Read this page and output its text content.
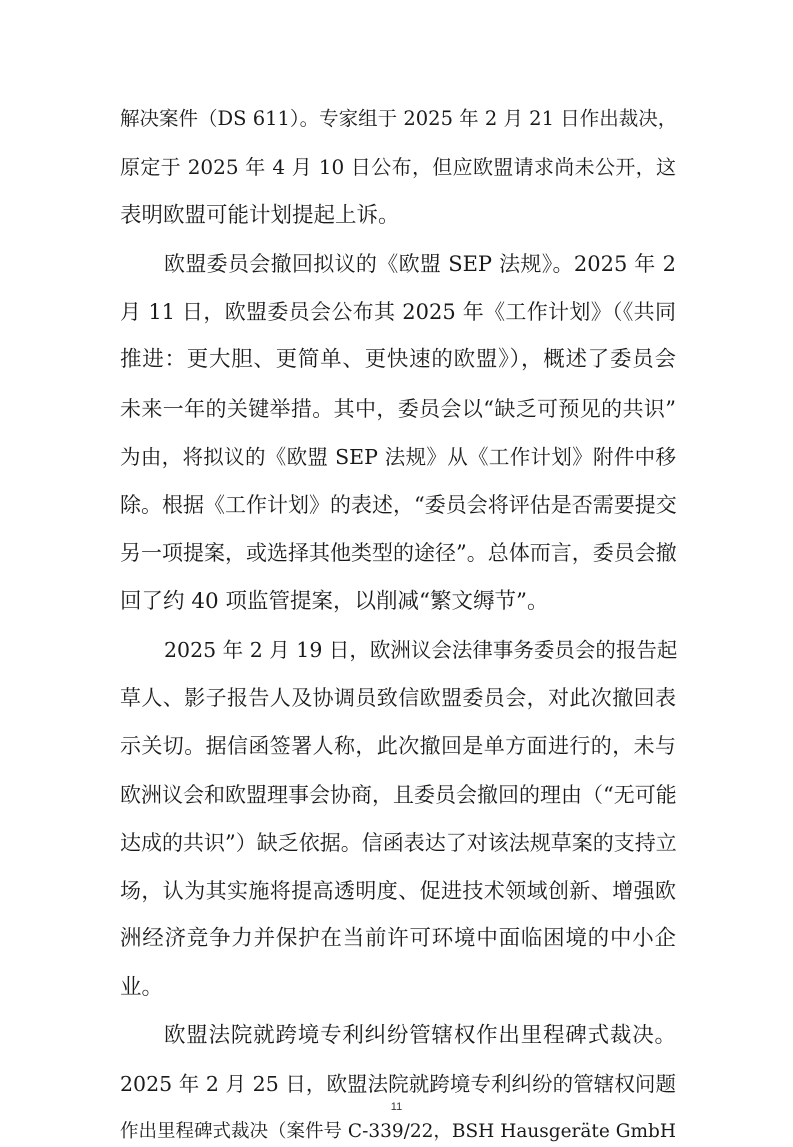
解决案件（DS 611）。专家组于 2025 年 2 月 21 日作出裁决，
原定于 2025 年 4 月 10 日公布，但应欧盟请求尚未公开，这
表明欧盟可能计划提起上诉。
欧盟委员会撤回拟议的《欧盟 SEP 法规》。2025 年 2
月 11 日，欧盟委员会公布其 2025 年《工作计划》（《共同
推进：更大胆、更简单、更快速的欧盟》），概述了委员会
未来一年的关键举措。其中，委员会以“缺乏可预见的共识”
为由，将拟议的《欧盟 SEP 法规》从《工作计划》附件中移
除。根据《工作计划》的表述，“委员会将评估是否需要提交
另一项提案，或选择其他类型的途径”。总体而言，委员会撤
回了约 40 项监管提案，以削减“繁文缛节”。
2025 年 2 月 19 日，欧洲议会法律事务委员会的报告起
草人、影子报告人及协调员致信欧盟委员会，对此次撤回表
示关切。据信函签署人称，此次撤回是单方面进行的，未与
欧洲议会和欧盟理事会协商，且委员会撤回的理由（“无可能
达成的共识”）缺乏依据。信函表达了对该法规草案的支持立
场，认为其实施将提高透明度、促进技术领域创新、增强欧
洲经济竞争力并保护在当前许可环境中面临困境的中小企
业。
欧盟法院就跨境专利纠纷管辖权作出里程碑式裁决。
2025 年 2 月 25 日，欧盟法院就跨境专利纠纷的管辖权问题
作出里程碑式裁决（案件号 C-339/22，BSH Hausgeräte GmbH
11
